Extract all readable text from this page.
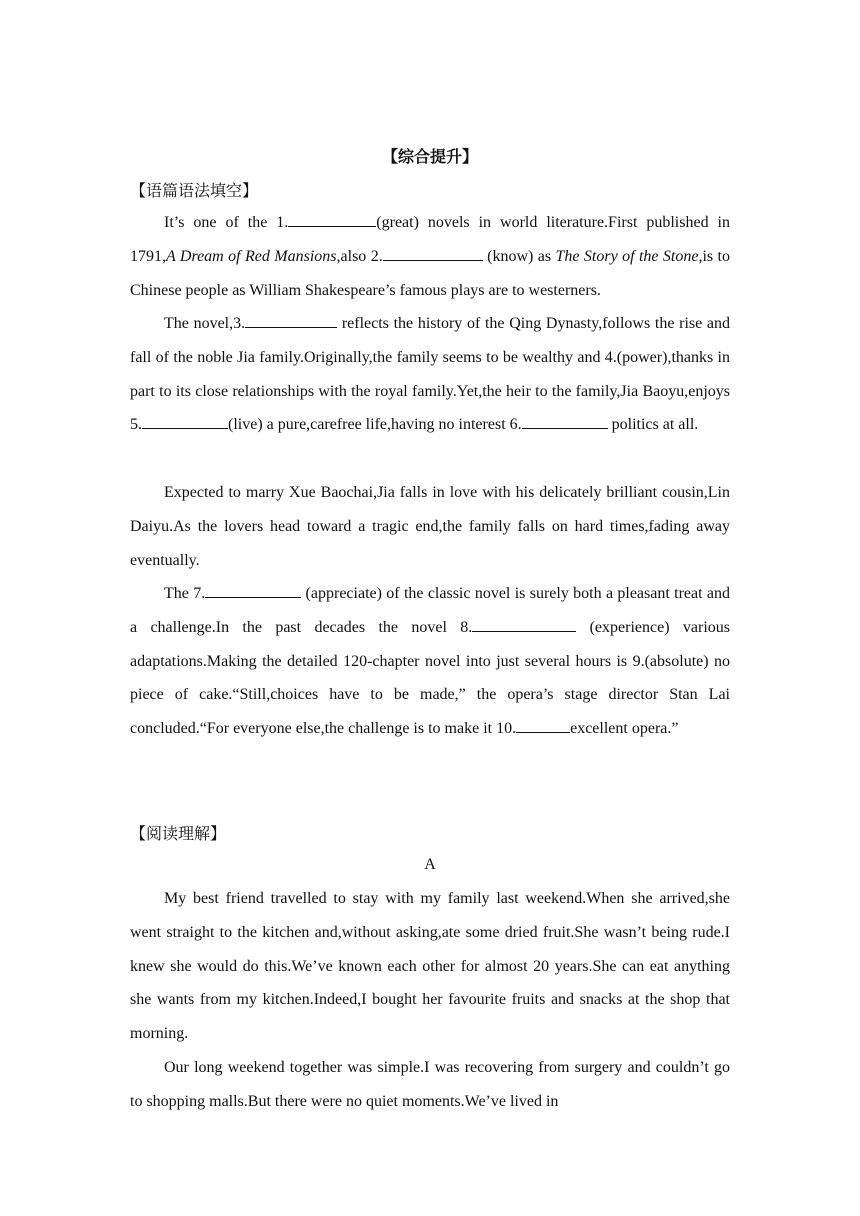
【综合提升】
【语篇语法填空】

It’s one of the 1.	(great) novels in world literature.First published in 1791,A Dream of Red Mansions,also 2.	(know) as The Story of the Stone,is to Chinese people as William Shakespeare’s famous plays are to westerners.

The novel,3.	reflects the history of the Qing Dynasty,follows the rise and fall of the noble Jia family.Originally,the family seems to be wealthy and 4.(power),thanks in part to its close relationships with the royal family.Yet,the heir to the family,Jia Baoyu,enjoys 5.	(live) a pure,carefree life,having no interest 6.	politics at all.

Expected to marry Xue Baochai,Jia falls in love with his delicately brilliant cousin,Lin Daiyu.As the lovers head toward a tragic end,the family falls on hard times,fading away eventually.

The 7.	(appreciate) of the classic novel is surely both a pleasant treat and a challenge.In the past decades the novel 8.	(experience) various adaptations.Making the detailed 120-chapter novel into just several hours is 9.(absolute) no piece of cake.“Still,choices have to be made,” the opera’s stage director Stan Lai concluded.“For everyone else,the challenge is to make it 10.	excellent opera.”

【阅读理解】
A

My best friend travelled to stay with my family last weekend.When she arrived,she went straight to the kitchen and,without asking,ate some dried fruit.She wasn’t being rude.I knew she would do this.We’ve known each other for almost 20 years.She can eat anything she wants from my kitchen.Indeed,I bought her favourite fruits and snacks at the shop that morning.

Our long weekend together was simple.I was recovering from surgery and couldn’t go to shopping malls.But there were no quiet moments.We’ve lived in
